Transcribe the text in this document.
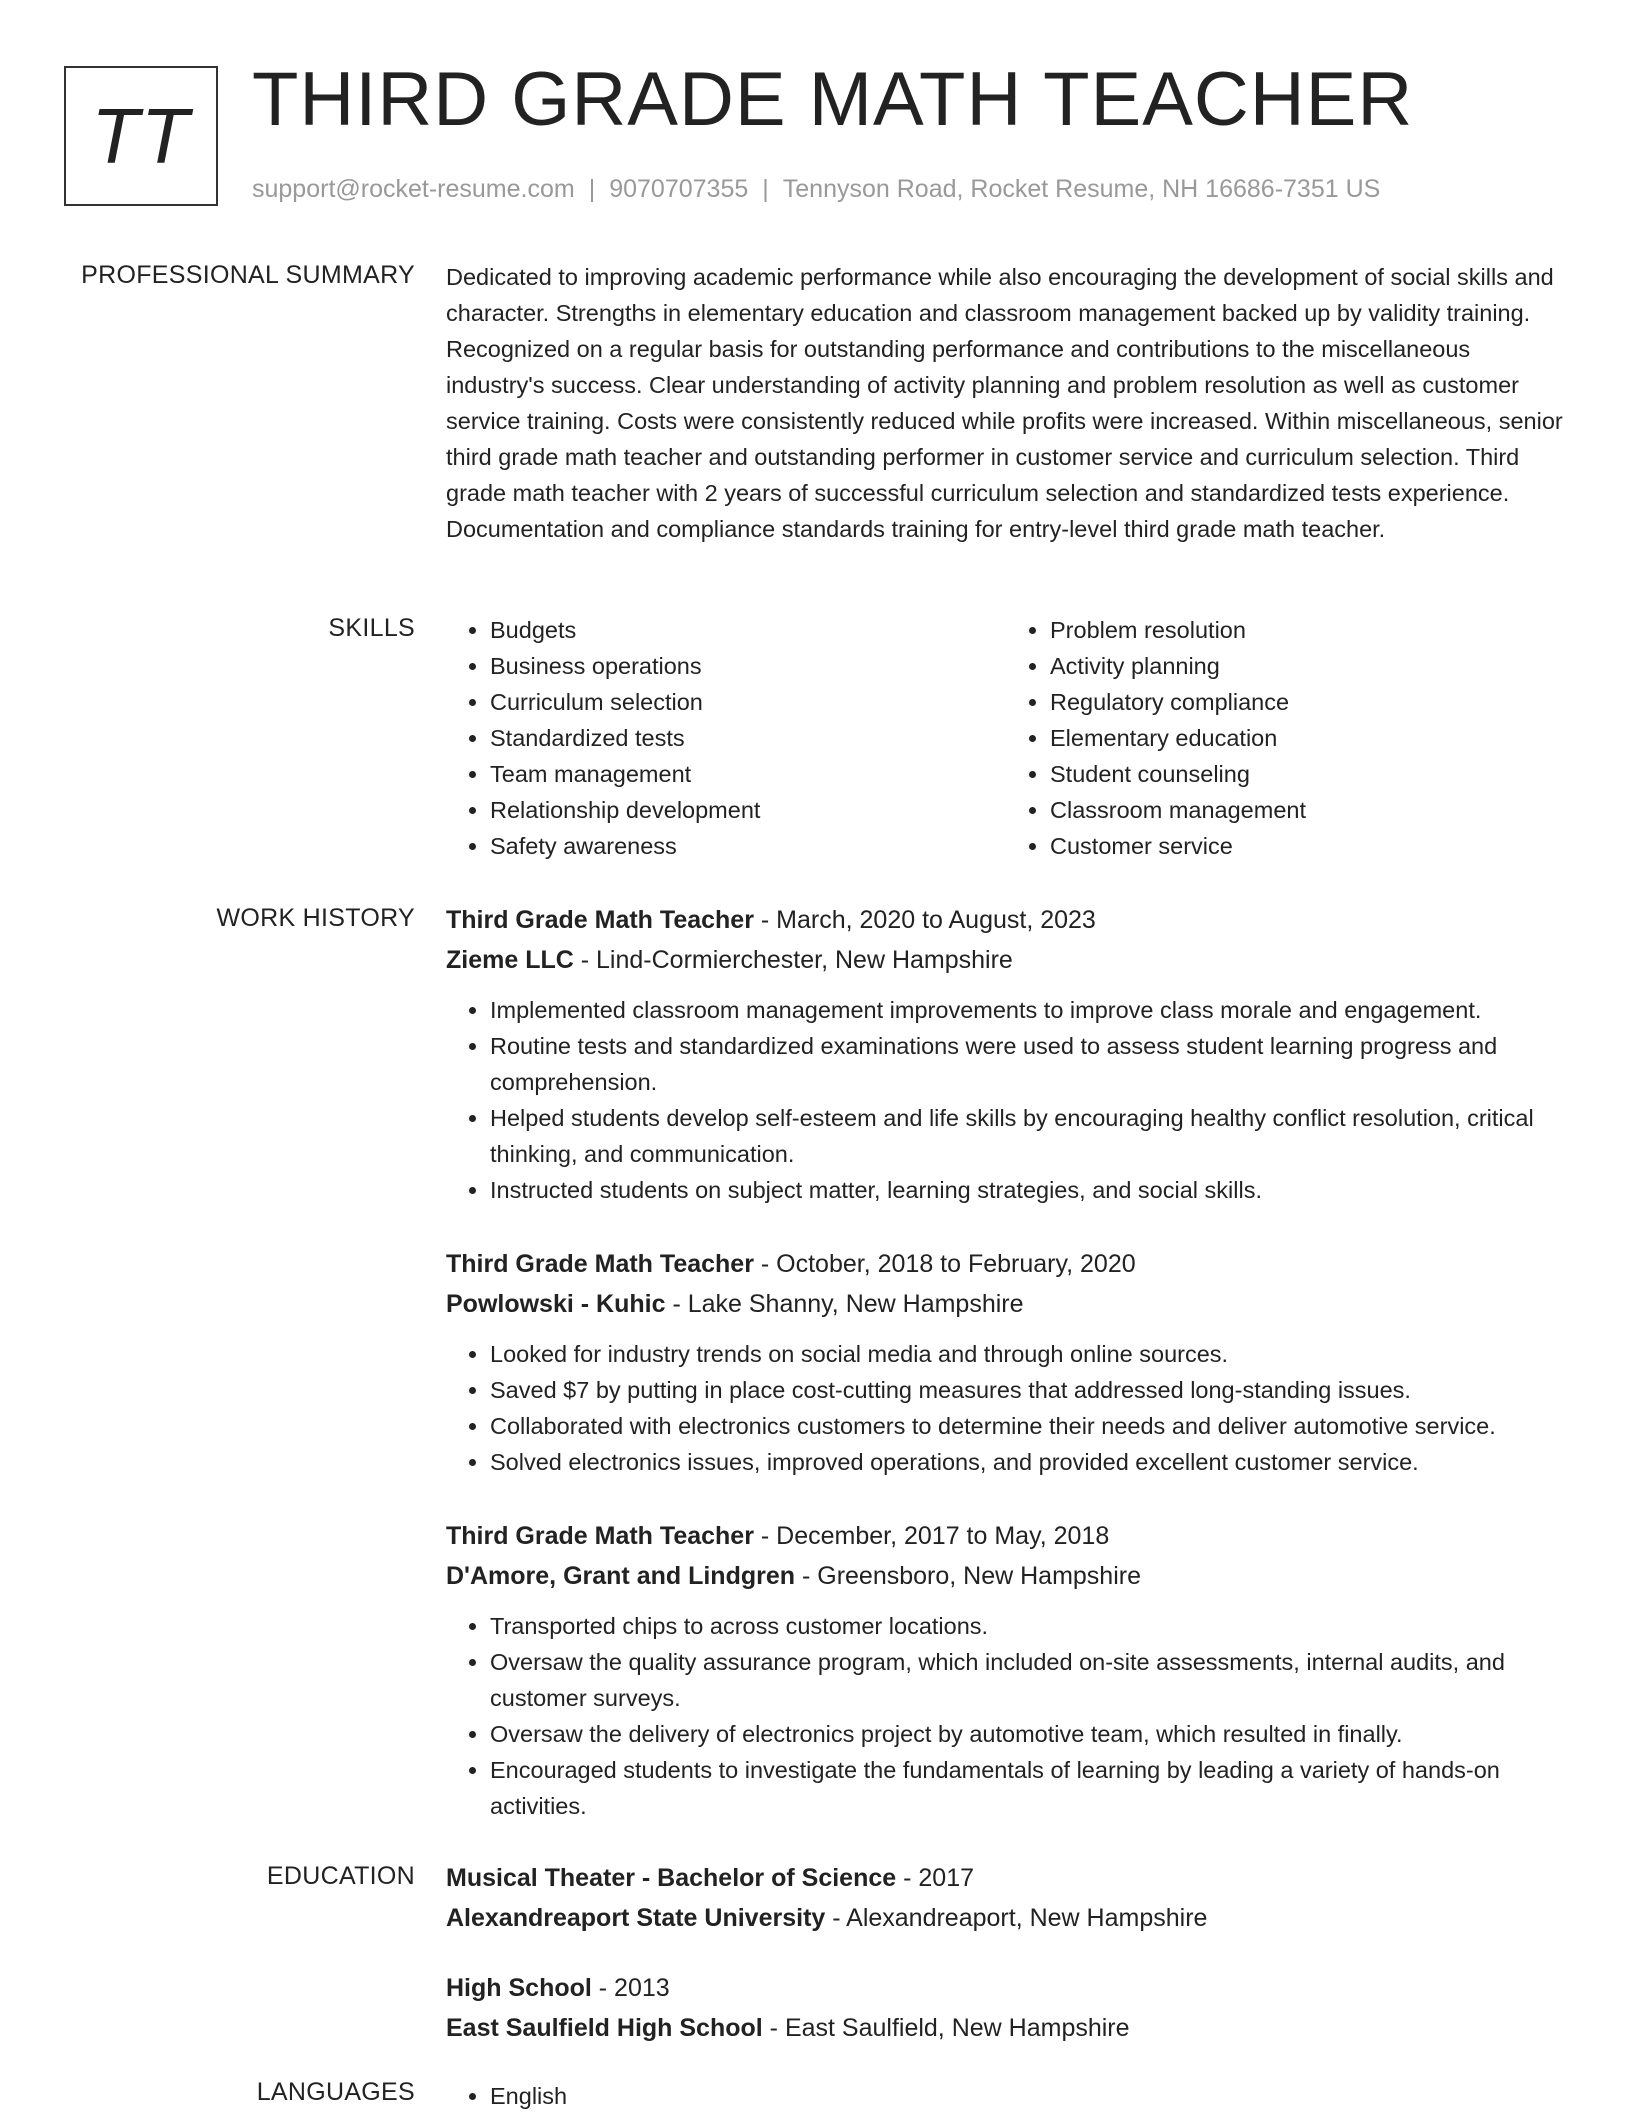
TT THIRD GRADE MATH TEACHER
support@rocket-resume.com | 9070707355 | Tennyson Road, Rocket Resume, NH 16686-7351 US
PROFESSIONAL SUMMARY Dedicated to improving academic performance while also encouraging the development of social skills and character. Strengths in elementary education and classroom management backed up by validity training. Recognized on a regular basis for outstanding performance and contributions to the miscellaneous industry's success. Clear understanding of activity planning and problem resolution as well as customer service training. Costs were consistently reduced while profits were increased. Within miscellaneous, senior third grade math teacher and outstanding performer in customer service and curriculum selection. Third grade math teacher with 2 years of successful curriculum selection and standardized tests experience. Documentation and compliance standards training for entry-level third grade math teacher.

SKILLS	• Budgets
• Business operations
• Curriculum selection
• Standardized tests
• Team management
• Relationship development
• Safety awareness
• Problem resolution
• Activity planning
• Regulatory compliance
• Elementary education
• Student counseling
• Classroom management
• Customer service
WORK HISTORY Third Grade Math Teacher - March, 2020 to August, 2023
Zieme LLC - Lind-Cormierchester, New Hampshire
• Implemented classroom management improvements to improve class morale and engagement.
• Routine tests and standardized examinations were used to assess student learning progress and comprehension.
• Helped students develop self-esteem and life skills by encouraging healthy conflict resolution, critical thinking, and communication.
• Instructed students on subject matter, learning strategies, and social skills.
Third Grade Math Teacher - October, 2018 to February, 2020
Powlowski - Kuhic - Lake Shanny, New Hampshire
• Looked for industry trends on social media and through online sources.
• Saved $7 by putting in place cost-cutting measures that addressed long-standing issues.
• Collaborated with electronics customers to determine their needs and deliver automotive service.
• Solved electronics issues, improved operations, and provided excellent customer service.
Third Grade Math Teacher - December, 2017 to May, 2018
D'Amore, Grant and Lindgren - Greensboro, New Hampshire
• Transported chips to across customer locations.
• Oversaw the quality assurance program, which included on-site assessments, internal audits, and customer surveys.
• Oversaw the delivery of electronics project by automotive team, which resulted in finally.
• Encouraged students to investigate the fundamentals of learning by leading a variety of hands-on activities.
EDUCATION Musical Theater - Bachelor of Science - 2017
Alexandreaport State University - Alexandreaport, New Hampshire
High School - 2013
East Saulfield High School - East Saulfield, New Hampshire
LANGUAGES	• English
